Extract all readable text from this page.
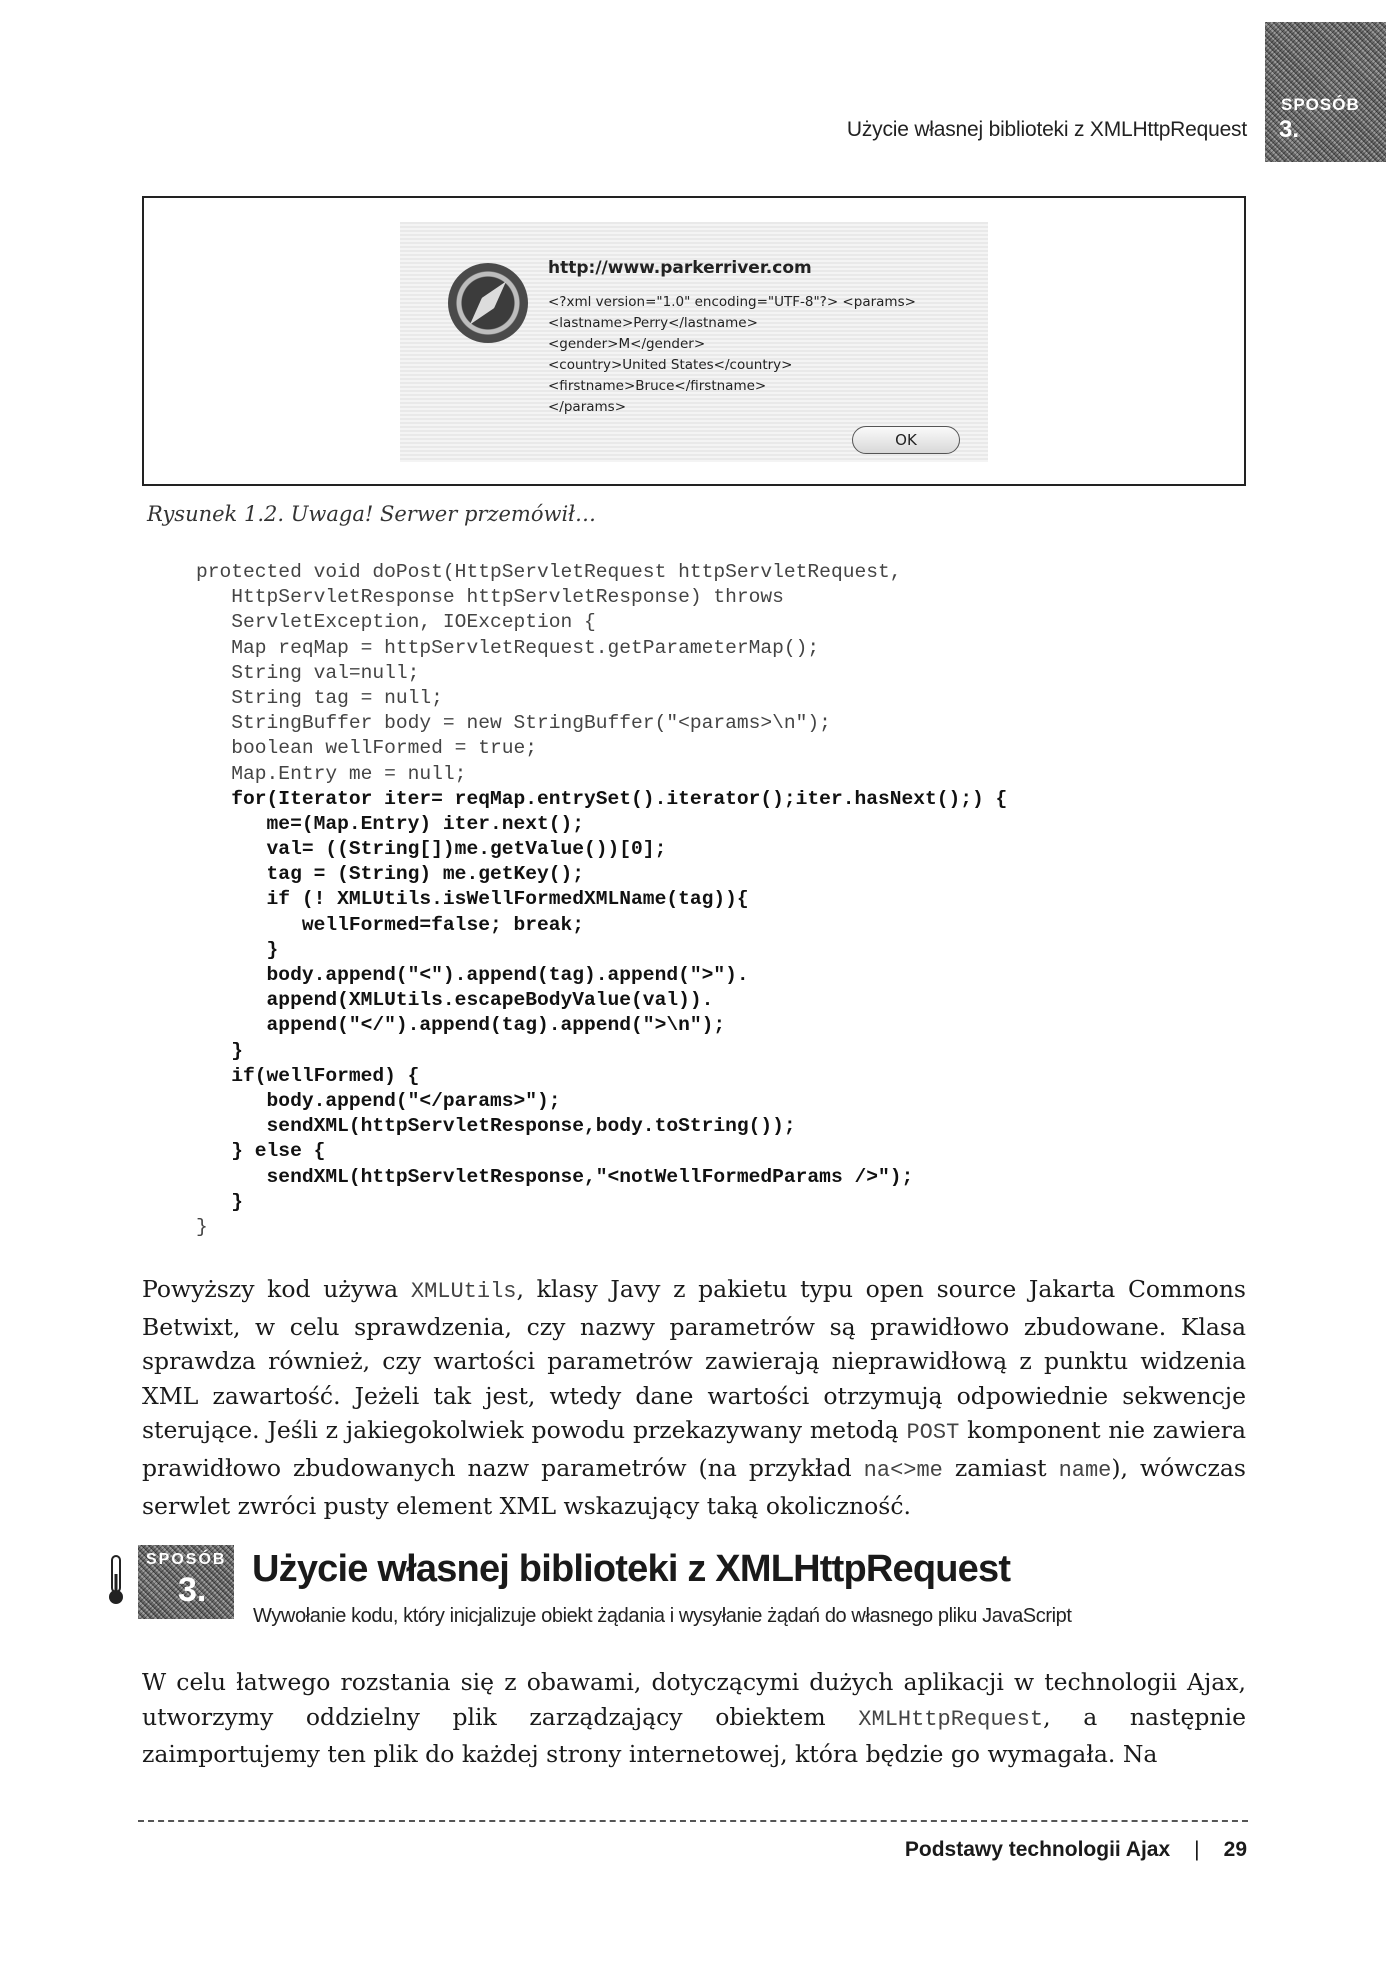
Użycie własnej biblioteki z XMLHttpRequest
SPOSÓB
3.
http://www.parkerriver.com
<?xml version="1.0" encoding="UTF-8"?> <params>
<lastname>Perry</lastname>
<gender>M</gender>
<country>United States</country>
<firstname>Bruce</firstname>
</params>
OK
Rysunek 1.2. Uwaga! Serwer przemówił…
protected void doPost(HttpServletRequest httpServletRequest,
HttpServletResponse httpServletResponse) throws
ServletException, IOException {
Map reqMap = httpServletRequest.getParameterMap();
String val=null;
String tag = null;
StringBuffer body = new StringBuffer("<params>\n");
boolean wellFormed = true;
Map.Entry me = null;
for(Iterator iter= reqMap.entrySet().iterator();iter.hasNext();) {
me=(Map.Entry) iter.next();
val= ((String[])me.getValue())[0];
tag = (String) me.getKey();
if (! XMLUtils.isWellFormedXMLName(tag)){
wellFormed=false; break;
}
body.append("<").append(tag).append(">").
append(XMLUtils.escapeBodyValue(val)).
append("</").append(tag).append(">\n");
}
if(wellFormed) {
body.append("</params>");
sendXML(httpServletResponse,body.toString());
} else {
sendXML(httpServletResponse,"<notWellFormedParams />");
}
}
Powyższy kod używa XMLUtils, klasy Javy z pakietu typu open source Jakarta Commons Betwixt, w celu sprawdzenia, czy nazwy parametrów są prawidłowo zbudowane. Klasa sprawdza również, czy wartości parametrów zawierają nieprawidłową z punktu widzenia XML zawartość. Jeżeli tak jest, wtedy dane wartości otrzymują odpowiednie sekwencje sterujące. Jeśli z jakiegokolwiek powodu przekazywany metodą POST komponent nie zawiera prawidłowo zbudowanych nazw parametrów (na przykład na<>me zamiast name), wówczas serwlet zwróci pusty element XML wskazujący taką okoliczność.
SPOSÓB
3. Użycie własnej biblioteki z XMLHttpRequest
Wywołanie kodu, który inicjalizuje obiekt żądania i wysyłanie żądań do własnego pliku JavaScript
W celu łatwego rozstania się z obawami, dotyczącymi dużych aplikacji w technologii Ajax, utworzymy oddzielny plik zarządzający obiektem XMLHttpRequest, a następnie zaimportujemy ten plik do każdej strony internetowej, która będzie go wymagała. Na
Podstawy technologii Ajax | 29
